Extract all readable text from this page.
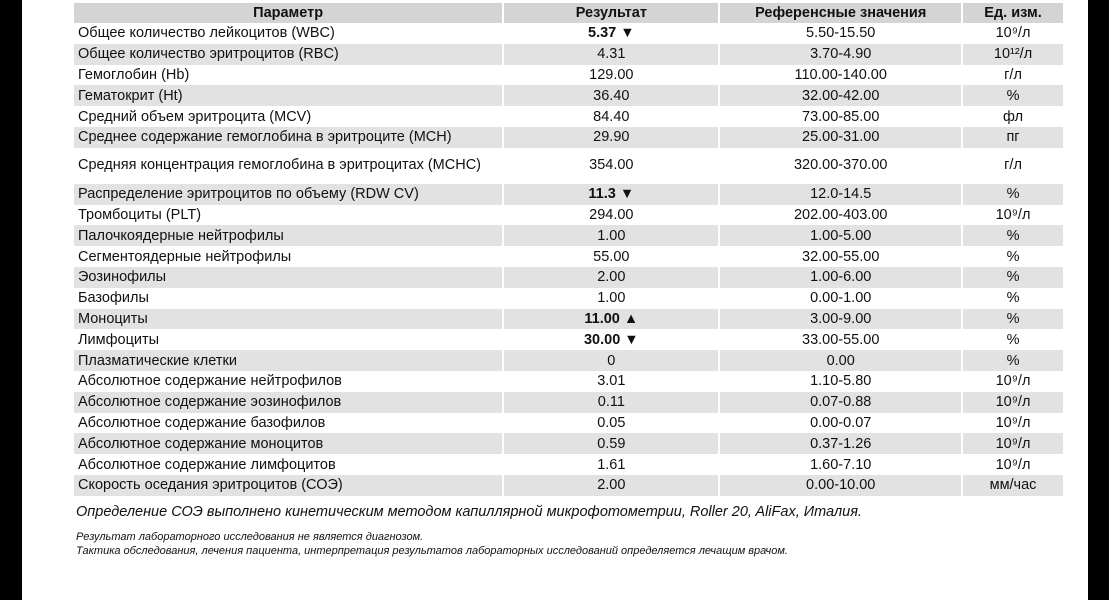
Параметр	Результат	Референсные значения	Ед. изм.
Общее количество лейкоцитов (WBC)	5.37 ▼	5.50-15.50	10⁹/л
Общее количество эритроцитов (RBC)	4.31	3.70-4.90	10¹²/л
Гемоглобин (Hb)	129.00	110.00-140.00	г/л
Гематокрит (Ht)	36.40	32.00-42.00	%
Средний объем эритроцита (MCV)	84.40	73.00-85.00	фл
Среднее содержание гемоглобина в эритроците (MCH)	29.90	25.00-31.00	пг
Средняя концентрация гемоглобина в эритроцитах (MCHC)	354.00	320.00-370.00	г/л
Распределение эритроцитов по объему (RDW CV)	11.3 ▼	12.0-14.5	%
Тромбоциты (PLT)	294.00	202.00-403.00	10⁹/л
Палочкоядерные нейтрофилы	1.00	1.00-5.00	%
Сегментоядерные нейтрофилы	55.00	32.00-55.00	%
Эозинофилы	2.00	1.00-6.00	%
Базофилы	1.00	0.00-1.00	%
Моноциты	11.00 ▲	3.00-9.00	%
Лимфоциты	30.00 ▼	33.00-55.00	%
Плазматические клетки	0	0.00	%
Абсолютное содержание нейтрофилов	3.01	1.10-5.80	10⁹/л
Абсолютное содержание эозинофилов	0.11	0.07-0.88	10⁹/л
Абсолютное содержание базофилов	0.05	0.00-0.07	10⁹/л
Абсолютное содержание моноцитов	0.59	0.37-1.26	10⁹/л
Абсолютное содержание лимфоцитов	1.61	1.60-7.10	10⁹/л
Скорость оседания эритроцитов (СОЭ)	2.00	0.00-10.00	мм/час
Определение СОЭ выполнено кинетическим методом капиллярной микрофотометрии, Roller 20, AliFax, Италия.
Результат лабораторного исследования не является диагнозом.
Тактика обследования, лечения пациента, интерпретация результатов лабораторных исследований определяется лечащим врачом.
